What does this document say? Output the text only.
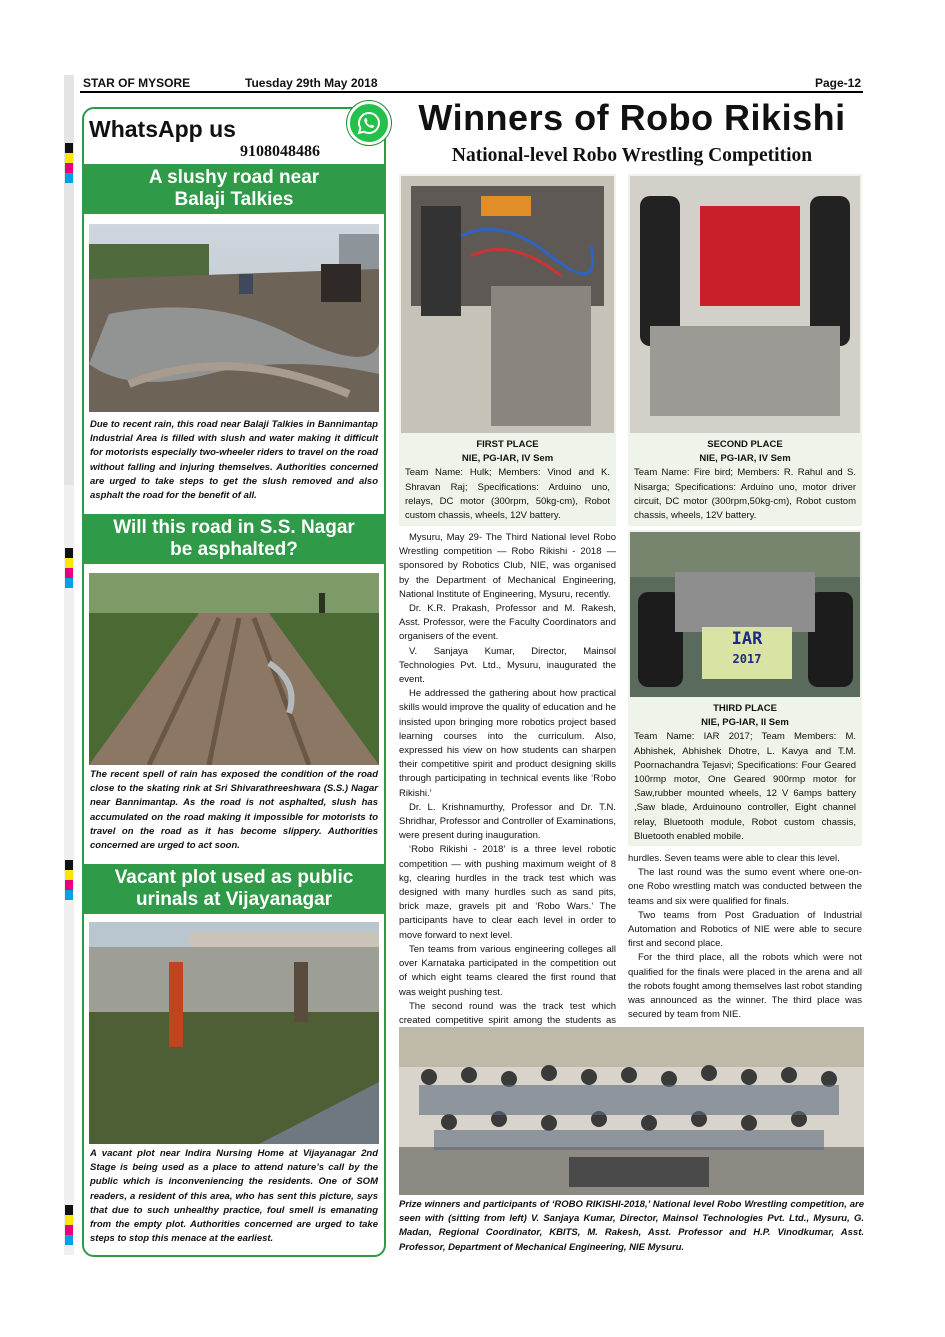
STAR OF MYSORE	Tuesday 29th May 2018	Page-12
WhatsApp us
9108048486
A slushy road near
Balaji Talkies
Due to recent rain, this road near Balaji Talkies in Bannimantap Industrial Area is filled with slush and water making it difficult for motorists especially two-wheeler riders to travel on the road without falling and injuring themselves. Authorities concerned are urged to take steps to get the slush removed and also asphalt the road for the benefit of all.
Will this road in S.S. Nagar
be asphalted?
The recent spell of rain has exposed the condition of the road close to the skating rink at Sri Shivarathreeshwara (S.S.) Nagar near Bannimantap. As the road is not asphalted, slush has accumulated on the road making it impossible for motorists to travel on the road as it has become slippery. Authorities concerned are urged to act soon.
Vacant plot used as public
urinals at Vijayanagar
A vacant plot near Indira Nursing Home at Vijayanagar 2nd Stage is being used as a place to attend nature’s call by the public which is inconveniencing the residents. One of SOM readers, a resident of this area, who has sent this picture, says that due to such unhealthy practice, foul smell is emanating from the empty plot. Authorities concerned are urged to take steps to stop this menace at the earliest.
Winners of Robo Rikishi
National-level Robo Wrestling Competition
FIRST PLACE
NIE, PG-IAR, IV Sem
Team Name: Hulk; Members: Vinod and K. Shravan Raj; Specifications: Arduino uno, relays, DC motor (300rpm, 50kg-cm), Robot custom chassis, wheels, 12V battery.
SECOND PLACE
NIE, PG-IAR, IV Sem
Team Name: Fire bird; Members: R. Rahul and S. Nisarga; Specifications: Arduino uno, motor driver circuit, DC motor (300rpm,50kg-cm), Robot custom chassis, wheels, 12V battery.
IAR
2017
THIRD PLACE
NIE, PG-IAR, II Sem
Team Name: IAR 2017; Team Members: M. Abhishek, Abhishek Dhotre, L. Kavya and T.M. Poornachandra Tejasvi; Specifications: Four Geared 100rmp motor, One Geared 900rmp motor for Saw,rubber mounted wheels, 12 V 6amps battery ,Saw blade, Arduinouno controller, Eight channel relay, Bluetooth module, Robot custom chassis, Bluetooth enabled mobile.

Mysuru, May 29- The Third National level Robo Wrestling competition — Robo Rikishi - 2018 — sponsored by Robotics Club, NIE, was organised by the Department of Mechanical Engineering, National Institute of Engineering, Mysuru, recently.

Dr. K.R. Prakash, Professor and M. Rakesh, Asst. Professor, were the Faculty Coordinators and organisers of the event.

V. Sanjaya Kumar, Director, Mainsol Technologies Pvt. Ltd., Mysuru, inaugurated the event.

He addressed the gathering about how practical skills would improve the quality of education and he insisted upon bringing more robotics project based learning courses into the curriculum. Also, expressed his view on how students can sharpen their competitive spirit and product designing skills through participating in technical events like ‘Robo Rikishi.’

Dr. L. Krishnamurthy, Professor and Dr. T.N. Shridhar, Professor and Controller of Examinations, were present during inauguration.

‘Robo Rikishi - 2018’ is a three level robotic competition — with pushing maximum weight of 8 kg, clearing hurdles in the track test which was designed with many hurdles such as sand pits, brick maze, gravels pit and ‘Robo Wars.’ The participants have to clear each level in order to move forward to next level.

Ten teams from various engineering colleges all over Karnataka participated in the competition out of which eight teams cleared the first round that was weight pushing test.

The second round was the track test which created competitive spirit among the students as

hurdles. Seven teams were able to clear this level.

The last round was the sumo event where one-on-one Robo wrestling match was conducted between the teams and six were qualified for finals.

Two teams from Post Graduation of Industrial Automation and Robotics of NIE were able to secure first and second place.

For the third place, all the robots which were not qualified for the finals were placed in the arena and all the robots fought among themselves last robot standing was announced as the winner. The third place was secured by team from NIE.

Prize winners and participants of ‘ROBO RIKISHI-2018,’ National level Robo Wrestling competition, are seen with (sitting from left) V. Sanjaya Kumar, Director, Mainsol Technologies Pvt. Ltd., Mysuru, G. Madan, Regional Coordinator, KBITS, M. Rakesh, Asst. Professor and H.P. Vinodkumar, Asst. Professor, Department of Mechanical Engineering, NIE Mysuru.
